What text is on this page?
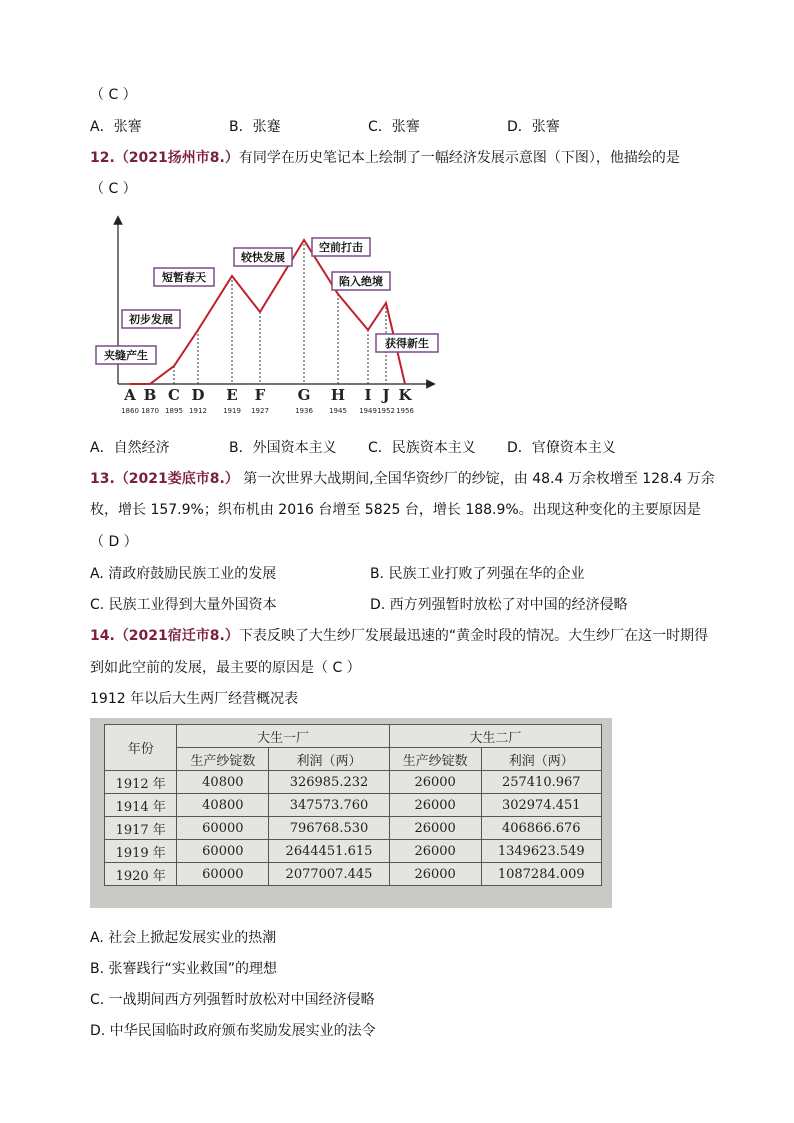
（ C ）
A．张謇	B．张蹇	C．张謇	D．张謇
12.（2021扬州市8.）有同学在历史笔记本上绘制了一幅经济发展示意图（下图），他描绘的是
（ C ）
A B C D E F G H I J K
1860 1870 1895 1912 1919 1927	1936 1945 1949 1952 1956
夹缝产生
初步发展
短暂春天
较快发展
空前打击
陷入绝境
获得新生
A．自然经济	B．外国资本主义 C．民族资本主义 D．官僚资本主义
13.（2021娄底市8.） 第一次世界大战期间,全国华资纱厂的纱锭，由 48.4 万余枚增至 128.4 万余
枚，增长 157.9%；织布机由 2016 台增至 5825 台，增长 188.9%。出现这种变化的主要原因是
（ D ）
A. 清政府鼓励民族工业的发展	B. 民族工业打败了列强在华的企业
C. 民族工业得到大量外国资本	D. 西方列强暂时放松了对中国的经济侵略
14.（2021宿迁市8.）下表反映了大生纱厂发展最迅速的“黄金时段的情况。大生纱厂在这一时期得
到如此空前的发展，最主要的原因是（ C ）
1912 年以后大生两厂经营概况表
年份	大生一厂		大生二厂	
	生产纱锭数	利润（两）	生产纱锭数	利润（两）
1912 年	40800	326985.232	26000	257410.967
1914 年	40800	347573.760	26000	302974.451
1917 年	60000	796768.530	26000	406866.676
1919 年	60000	2644451.615	26000	1349623.549
1920 年	60000	2077007.445	26000	1087284.009
A. 社会上掀起发展实业的热潮
B. 张謇践行“实业救国”的理想
C. 一战期间西方列强暂时放松对中国经济侵略
D. 中华民国临时政府颁布奖励发展实业的法令
